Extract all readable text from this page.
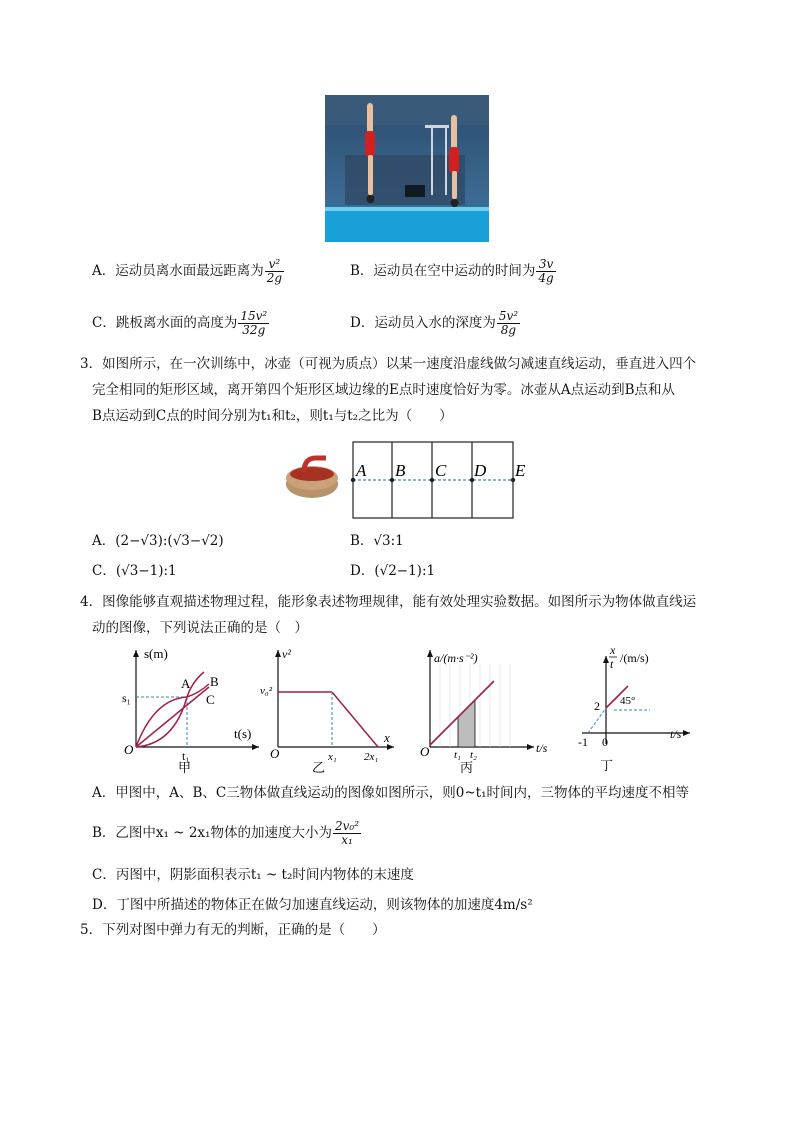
A．运动员离水面最远距离为 $\frac{\text{v²}}{2g}$	B．运动员在空中运动的时间为 $\frac{3v}{4g}$
C．跳板离水面的高度为 $\frac{\text{15v²}}{32g}$	D．运动员入水的深度为 $\frac{\text{5v²}}{8g}$
3．如图所示，在一次训练中，冰壶（可视为质点）以某一速度沿虚线做匀减速直线运动，垂直进入四个
完全相同的矩形区域，离开第四个矩形区域边缘的E点时速度恰好为零。冰壶从A点运动到B点和从
B点运动到C点的时间分别为t₁和t₂，则t₁与t₂之比为（　　）
A B C D E
A．(2−√3):(√3−√2)	B．√3:1
C．(√3−1):1	D．(√2−1):1
4．图像能够直观描述物理过程，能形象表述物理规律，能有效处理实验数据。如图所示为物体做直线运
动的图像，下列说法正确的是（　）
s(m)
t(s)
s₁
t₁
O
A B
C
甲
v²
v₀²
x₁ 2x₁
x
O
乙
a/(m·s⁻²)
t/s
t₁ t₂
O
丙
x
t /(m/s)
t/s
2
-1 0
45°
丁
A．甲图中，A、B、C三物体做直线运动的图像如图所示，则0~t₁时间内，三物体的平均速度不相等
B．乙图中x₁ ~ 2x₁物体的加速度大小为 $\frac{\text{2v₀²}}{\text{x₁}}$
C．丙图中，阴影面积表示t₁ ~ t₂时间内物体的末速度
D．丁图中所描述的物体正在做匀加速直线运动，则该物体的加速度4m/s²
5．下列对图中弹力有无的判断，正确的是（　　）
